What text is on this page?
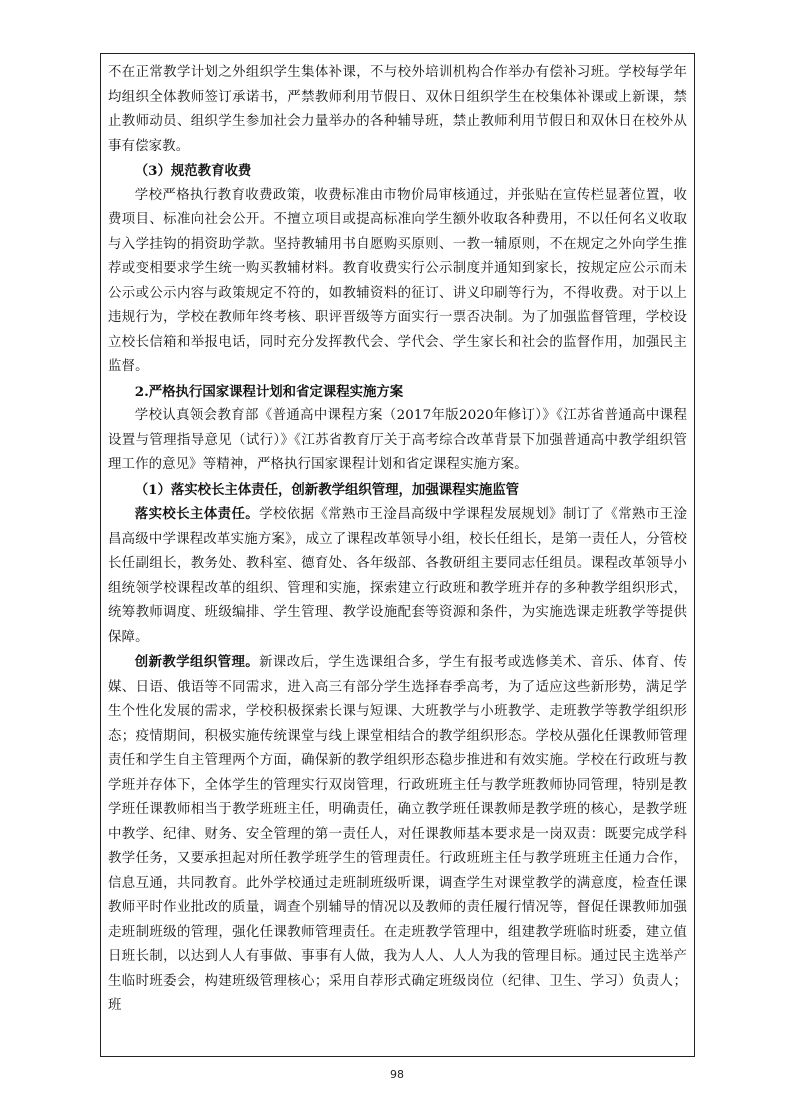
不在正常教学计划之外组织学生集体补课，不与校外培训机构合作举办有偿补习班。学校每学年均组织全体教师签订承诺书，严禁教师利用节假日、双休日组织学生在校集体补课或上新课，禁止教师动员、组织学生参加社会力量举办的各种辅导班，禁止教师利用节假日和双休日在校外从事有偿家教。

（3）规范教育收费

学校严格执行教育收费政策，收费标准由市物价局审核通过，并张贴在宣传栏显著位置，收费项目、标准向社会公开。不擅立项目或提高标准向学生额外收取各种费用，不以任何名义收取与入学挂钩的捐资助学款。坚持教辅用书自愿购买原则、一教一辅原则，不在规定之外向学生推荐或变相要求学生统一购买教辅材料。教育收费实行公示制度并通知到家长，按规定应公示而未公示或公示内容与政策规定不符的，如教辅资料的征订、讲义印刷等行为，不得收费。对于以上违规行为，学校在教师年终考核、职评晋级等方面实行一票否决制。为了加强监督管理，学校设立校长信箱和举报电话，同时充分发挥教代会、学代会、学生家长和社会的监督作用，加强民主监督。

2.严格执行国家课程计划和省定课程实施方案

学校认真领会教育部《普通高中课程方案（2017年版2020年修订）》《江苏省普通高中课程设置与管理指导意见（试行）》《江苏省教育厅关于高考综合改革背景下加强普通高中教学组织管理工作的意见》等精神，严格执行国家课程计划和省定课程实施方案。

（1）落实校长主体责任，创新教学组织管理，加强课程实施监管

落实校长主体责任。学校依据《常熟市王淦昌高级中学课程发展规划》制订了《常熟市王淦昌高级中学课程改革实施方案》，成立了课程改革领导小组，校长任组长，是第一责任人，分管校长任副组长，教务处、教科室、德育处、各年级部、各教研组主要同志任组员。课程改革领导小组统领学校课程改革的组织、管理和实施，探索建立行政班和教学班并存的多种教学组织形式，统筹教师调度、班级编排、学生管理、教学设施配套等资源和条件，为实施选课走班教学等提供保障。

创新教学组织管理。新课改后，学生选课组合多，学生有报考或选修美术、音乐、体育、传媒、日语、俄语等不同需求，进入高三有部分学生选择春季高考，为了适应这些新形势，满足学生个性化发展的需求，学校积极探索长课与短课、大班教学与小班教学、走班教学等教学组织形态；疫情期间，积极实施传统课堂与线上课堂相结合的教学组织形态。学校从强化任课教师管理责任和学生自主管理两个方面，确保新的教学组织形态稳步推进和有效实施。学校在行政班与教学班并存体下，全体学生的管理实行双岗管理，行政班班主任与教学班教师协同管理，特别是教学班任课教师相当于教学班班主任，明确责任，确立教学班任课教师是教学班的核心，是教学班中教学、纪律、财务、安全管理的第一责任人，对任课教师基本要求是一岗双责：既要完成学科教学任务，又要承担起对所任教学班学生的管理责任。行政班班主任与教学班班主任通力合作，信息互通，共同教育。此外学校通过走班制班级听课，调查学生对课堂教学的满意度，检查任课教师平时作业批改的质量，调查个别辅导的情况以及教师的责任履行情况等，督促任课教师加强走班制班级的管理，强化任课教师管理责任。在走班教学管理中，组建教学班临时班委，建立值日班长制，以达到人人有事做、事事有人做，我为人人、人人为我的管理目标。通过民主选举产生临时班委会，构建班级管理核心；采用自荐形式确定班级岗位（纪律、卫生、学习）负责人；班

98
